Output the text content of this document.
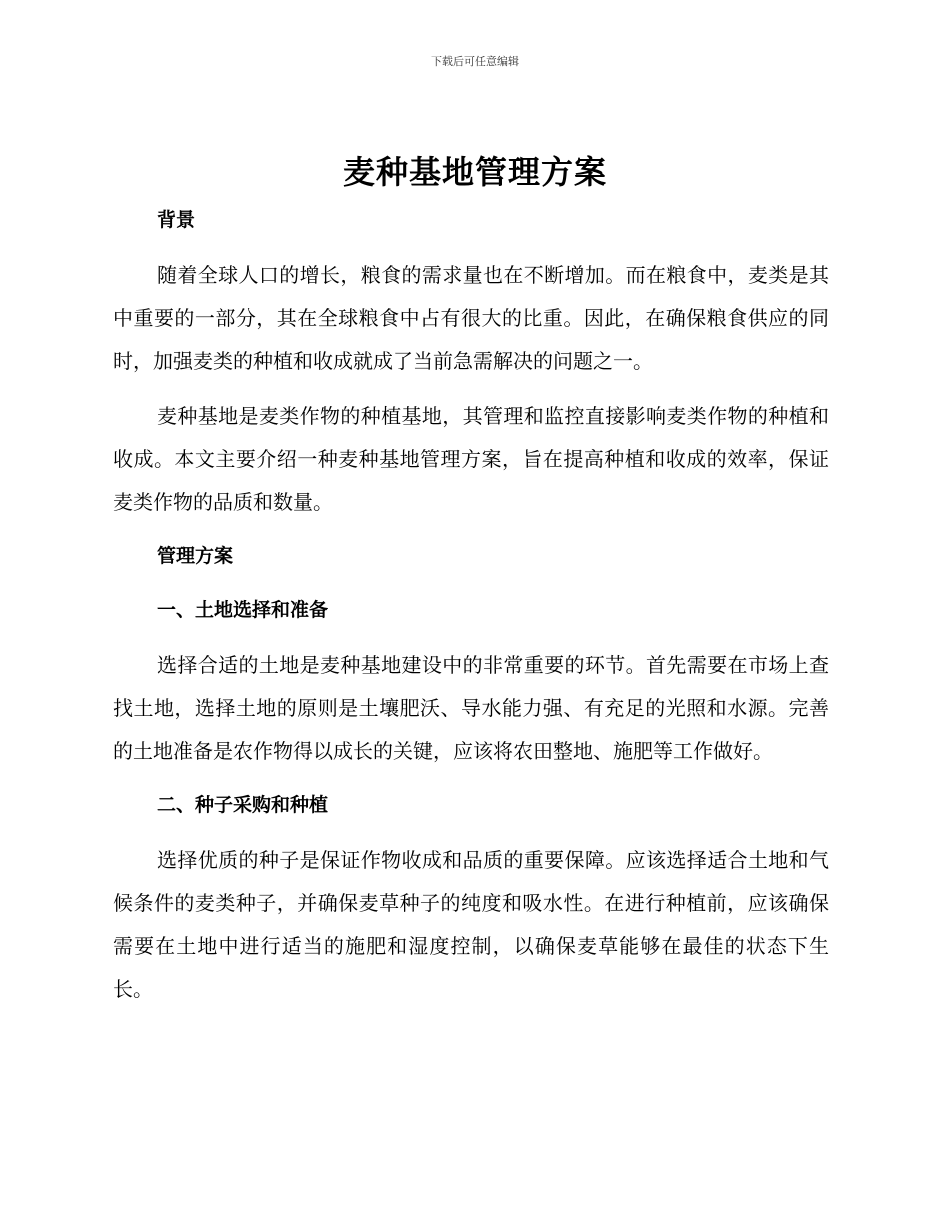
下载后可任意编辑
麦种基地管理方案
背景

随着全球人口的增长，粮食的需求量也在不断增加。而在粮食中，麦类是其中重要的一部分，其在全球粮食中占有很大的比重。因此，在确保粮食供应的同时，加强麦类的种植和收成就成了当前急需解决的问题之一。

麦种基地是麦类作物的种植基地，其管理和监控直接影响麦类作物的种植和收成。本文主要介绍一种麦种基地管理方案，旨在提高种植和收成的效率，保证麦类作物的品质和数量。

管理方案
一、土地选择和准备

选择合适的土地是麦种基地建设中的非常重要的环节。首先需要在市场上查找土地，选择土地的原则是土壤肥沃、导水能力强、有充足的光照和水源。完善的土地准备是农作物得以成长的关键，应该将农田整地、施肥等工作做好。

二、种子采购和种植

选择优质的种子是保证作物收成和品质的重要保障。应该选择适合土地和气候条件的麦类种子，并确保麦草种子的纯度和吸水性。在进行种植前，应该确保需要在土地中进行适当的施肥和湿度控制，以确保麦草能够在最佳的状态下生长。
